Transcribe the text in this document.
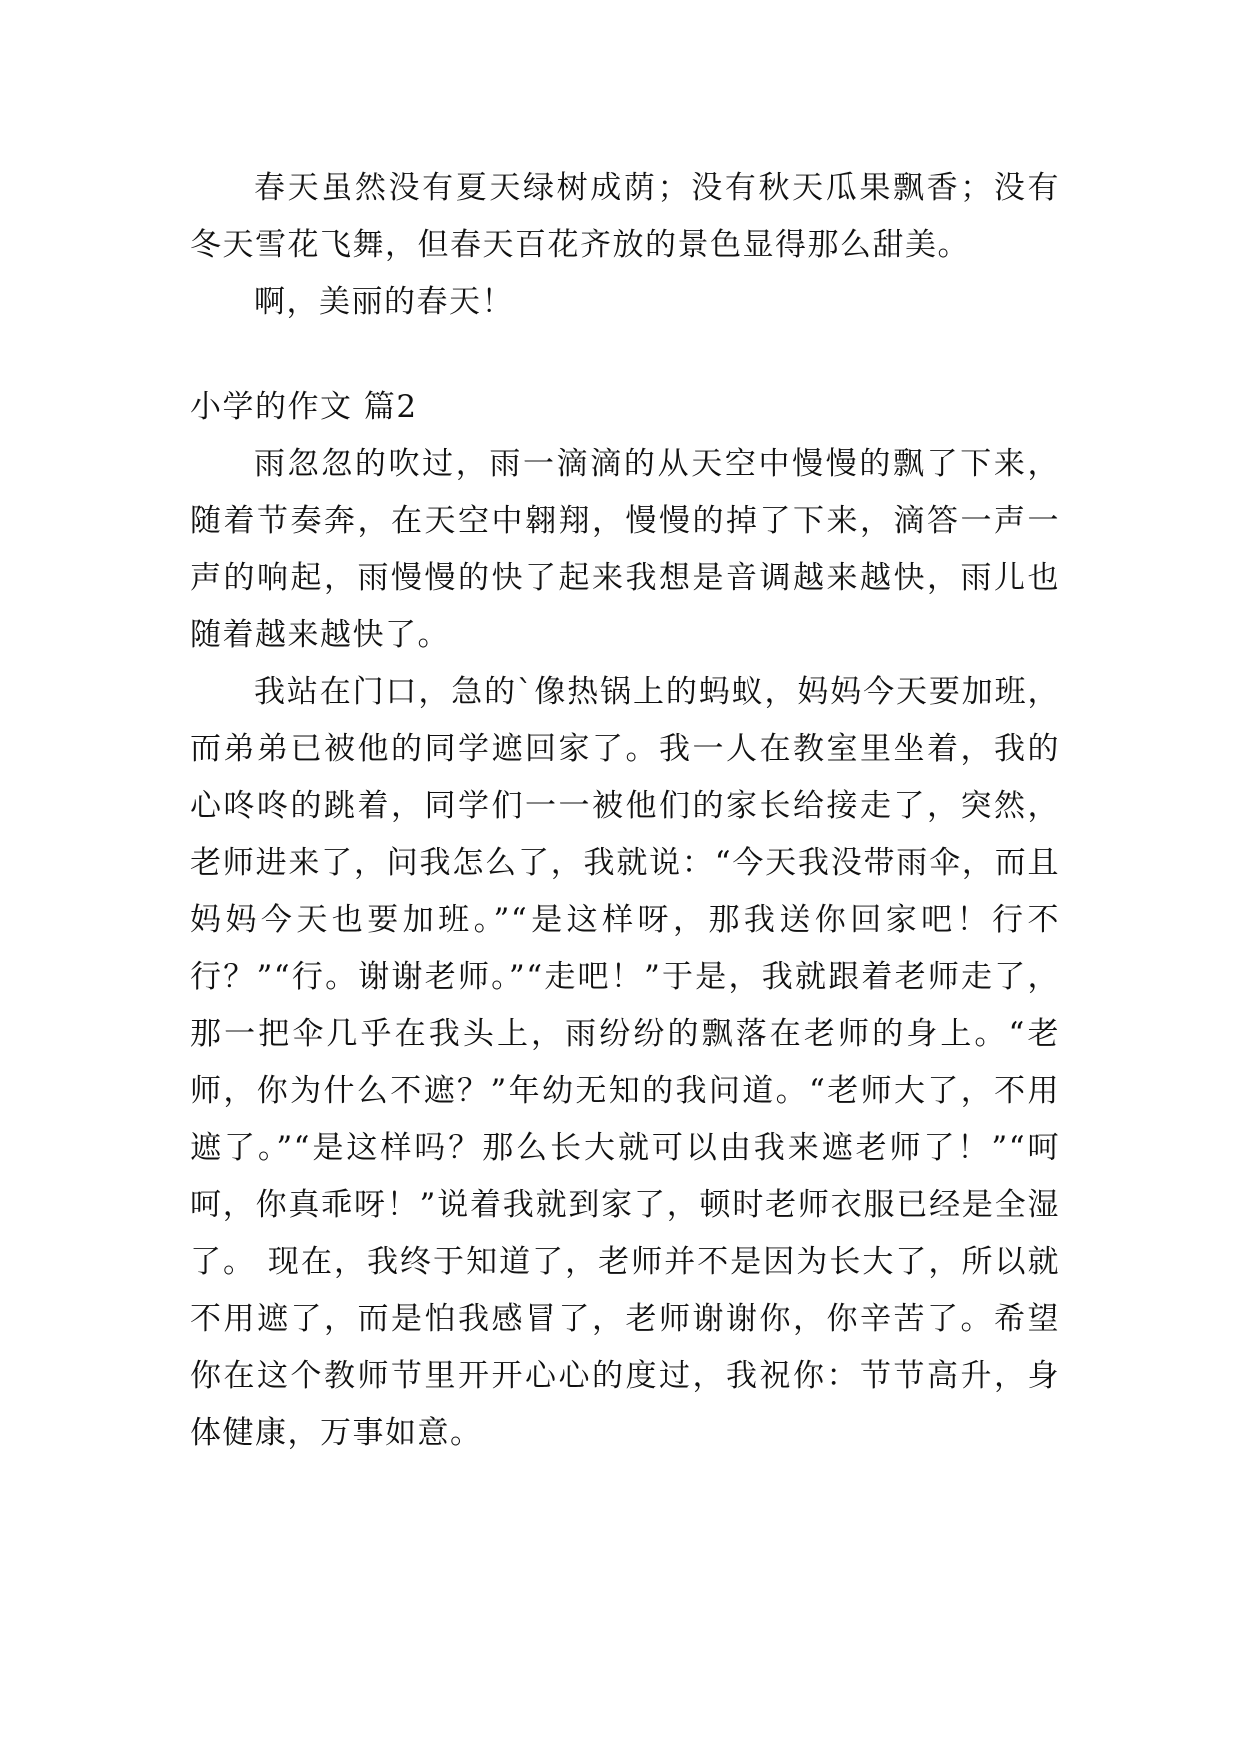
春天虽然没有夏天绿树成荫；没有秋天瓜果飘香；没有冬天雪花飞舞，但春天百花齐放的景色显得那么甜美。

啊，美丽的春天！

小学的作文 篇2

雨忽忽的吹过，雨一滴滴的从天空中慢慢的飘了下来，随着节奏奔，在天空中翱翔，慢慢的掉了下来，滴答一声一声的响起，雨慢慢的快了起来我想是音调越来越快，雨儿也随着越来越快了。

我站在门口，急的`像热锅上的蚂蚁，妈妈今天要加班，而弟弟已被他的同学遮回家了。我一人在教室里坐着，我的心咚咚的跳着，同学们一一被他们的家长给接走了，突然，老师进来了，问我怎么了，我就说：“今天我没带雨伞，而且妈妈今天也要加班。”“是这样呀，那我送你回家吧！行不行？”“行。谢谢老师。”“走吧！”于是，我就跟着老师走了，那一把伞几乎在我头上，雨纷纷的飘落在老师的身上。“老师，你为什么不遮？”年幼无知的我问道。“老师大了，不用遮了。”“是这样吗？那么长大就可以由我来遮老师了！”“呵呵，你真乖呀！”说着我就到家了，顿时老师衣服已经是全湿了。 现在，我终于知道了，老师并不是因为长大了，所以就不用遮了，而是怕我感冒了，老师谢谢你，你辛苦了。希望你在这个教师节里开开心心的度过，我祝你：节节高升，身体健康，万事如意。
